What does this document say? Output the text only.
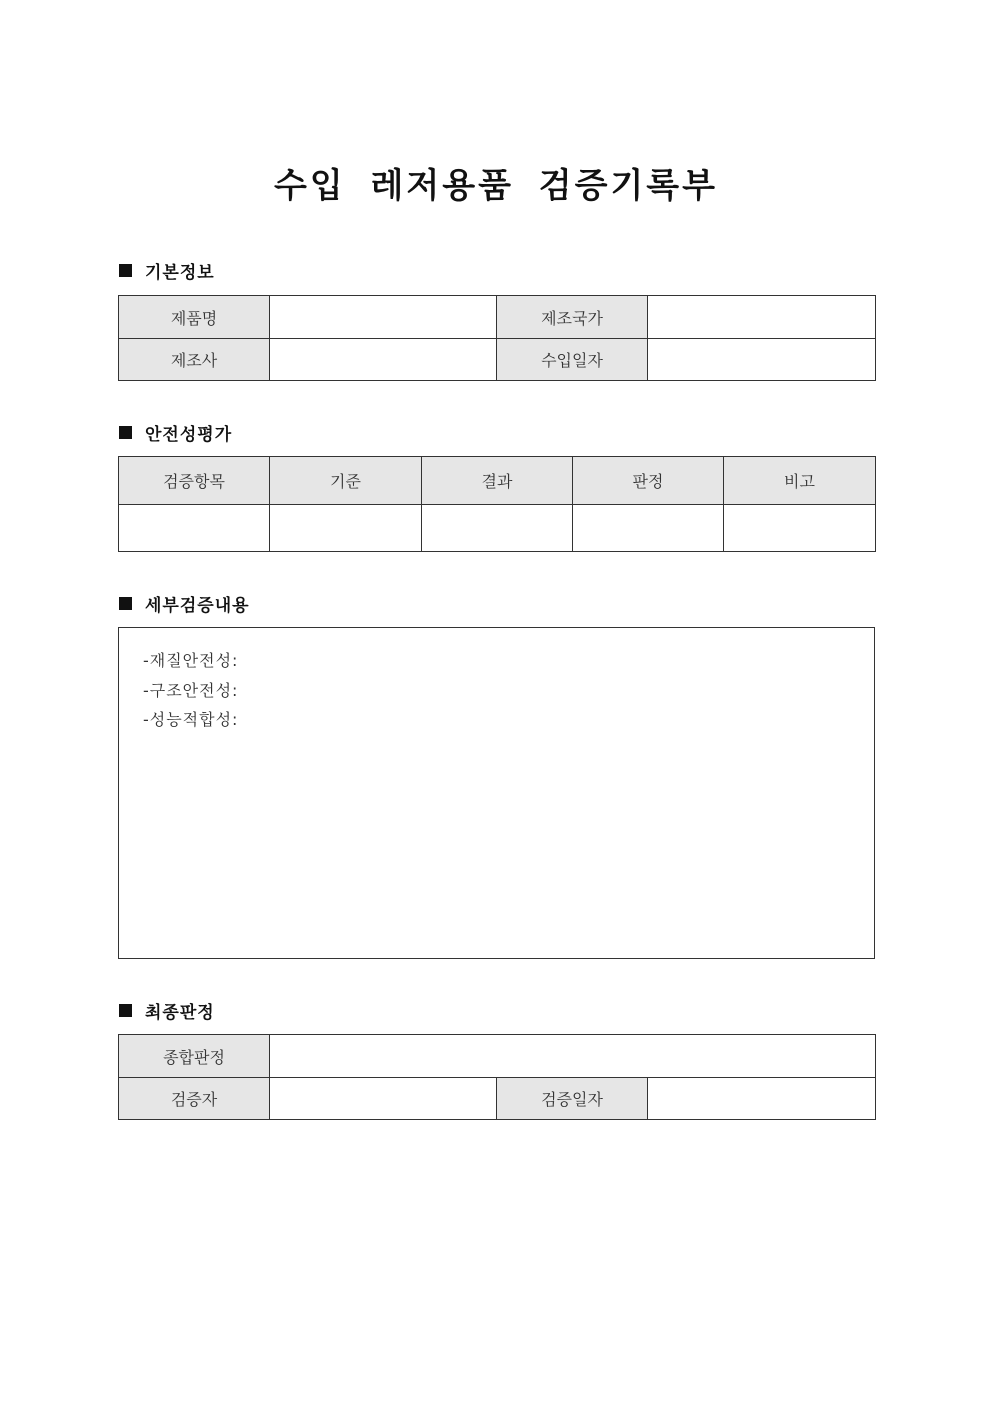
수입 레저용품 검증기록부
기본정보
제품명		제조국가	
제조사		수입일자	
안전성평가
검증항목	기준	결과	판정	비고

세부검증내용
-재질안전성:
-구조안전성:
-성능적합성:
최종판정
종합판정			
검증자		검증일자	
